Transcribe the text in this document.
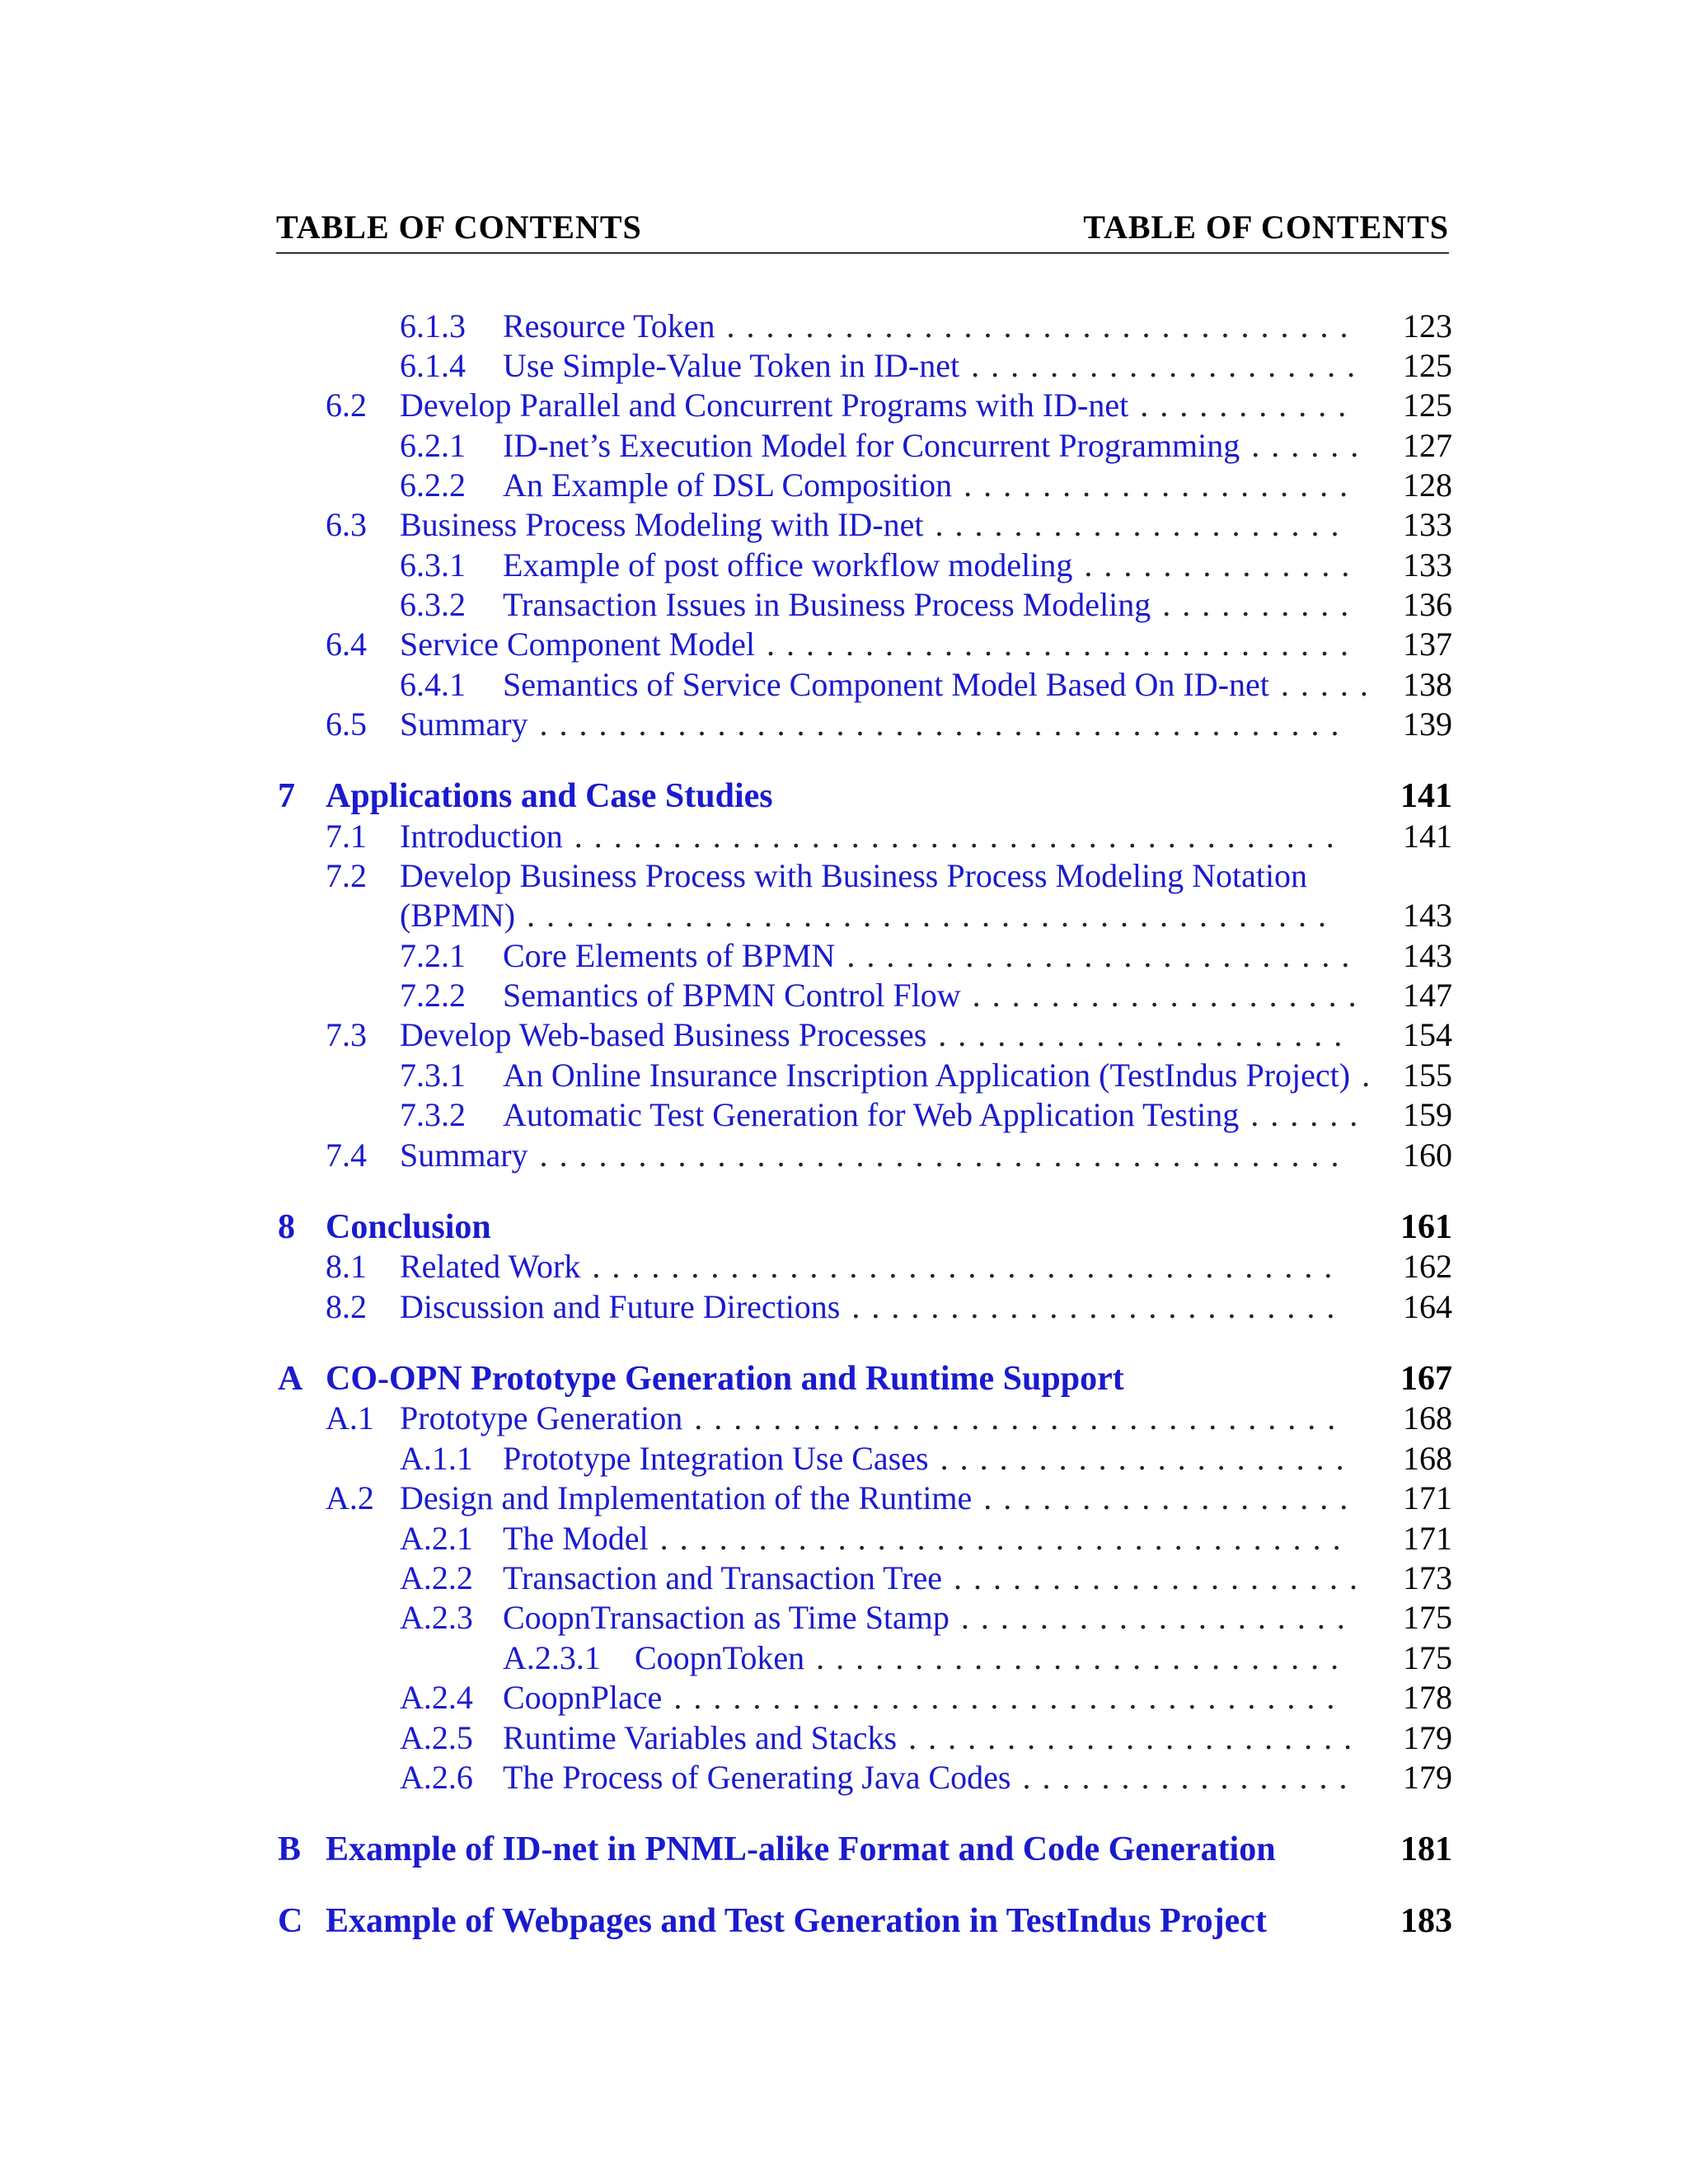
TABLE OF CONTENTS	TABLE OF CONTENTS
6.1.3 Resource Token . . . . . . . . . . . . . . . . . . . . . . . . . . . . . . . .	123
6.1.4 Use Simple-Value Token in ID-net . . . . . . . . . . . . . . . . . . . .	125
6.2 Develop Parallel and Concurrent Programs with ID-net . . . . . . . . . . .	125
6.2.1 ID-net’s Execution Model for Concurrent Programming . . . . . .	127
6.2.2 An Example of DSL Composition . . . . . . . . . . . . . . . . . . . .	128
6.3 Business Process Modeling with ID-net . . . . . . . . . . . . . . . . . . . . .	133
6.3.1 Example of post office workflow modeling . . . . . . . . . . . . . .	133
6.3.2 Transaction Issues in Business Process Modeling . . . . . . . . . .	136
6.4 Service Component Model . . . . . . . . . . . . . . . . . . . . . . . . . . . . . .	137
6.4.1 Semantics of Service Component Model Based On ID-net . . . . .	138
6.5 Summary . . . . . . . . . . . . . . . . . . . . . . . . . . . . . . . . . . . . . . . . .	139
7 Applications and Case Studies	141
7.1 Introduction . . . . . . . . . . . . . . . . . . . . . . . . . . . . . . . . . . . . . . .	141
7.2 Develop Business Process with Business Process Modeling Notation
(BPMN) . . . . . . . . . . . . . . . . . . . . . . . . . . . . . . . . . . . . . . . . .	143
7.2.1 Core Elements of BPMN . . . . . . . . . . . . . . . . . . . . . . . . . .	143
7.2.2 Semantics of BPMN Control Flow . . . . . . . . . . . . . . . . . . . .	147
7.3 Develop Web-based Business Processes . . . . . . . . . . . . . . . . . . . . .	154
7.3.1 An Online Insurance Inscription Application (TestIndus Project) . 155
7.3.2 Automatic Test Generation for Web Application Testing . . . . . .	159
7.4 Summary . . . . . . . . . . . . . . . . . . . . . . . . . . . . . . . . . . . . . . . . .	160
8 Conclusion	161
8.1 Related Work . . . . . . . . . . . . . . . . . . . . . . . . . . . . . . . . . . . . . .	162
8.2 Discussion and Future Directions . . . . . . . . . . . . . . . . . . . . . . . . .	164
A CO-OPN Prototype Generation and Runtime Support	167
A.1 Prototype Generation . . . . . . . . . . . . . . . . . . . . . . . . . . . . . . . . .	168
A.1.1 Prototype Integration Use Cases . . . . . . . . . . . . . . . . . . . . .	168
A.2 Design and Implementation of the Runtime . . . . . . . . . . . . . . . . . . .	171
A.2.1 The Model . . . . . . . . . . . . . . . . . . . . . . . . . . . . . . . . . . .	171
A.2.2 Transaction and Transaction Tree . . . . . . . . . . . . . . . . . . . . .	173
A.2.3 CoopnTransaction as Time Stamp . . . . . . . . . . . . . . . . . . . .	175
A.2.3.1 CoopnToken . . . . . . . . . . . . . . . . . . . . . . . . . . .	175
A.2.4 CoopnPlace . . . . . . . . . . . . . . . . . . . . . . . . . . . . . . . . . .	178
A.2.5 Runtime Variables and Stacks . . . . . . . . . . . . . . . . . . . . . . .	179
A.2.6 The Process of Generating Java Codes . . . . . . . . . . . . . . . . .	179
B Example of ID-net in PNML-alike Format and Code Generation	181
C Example of Webpages and Test Generation in TestIndus Project	183
